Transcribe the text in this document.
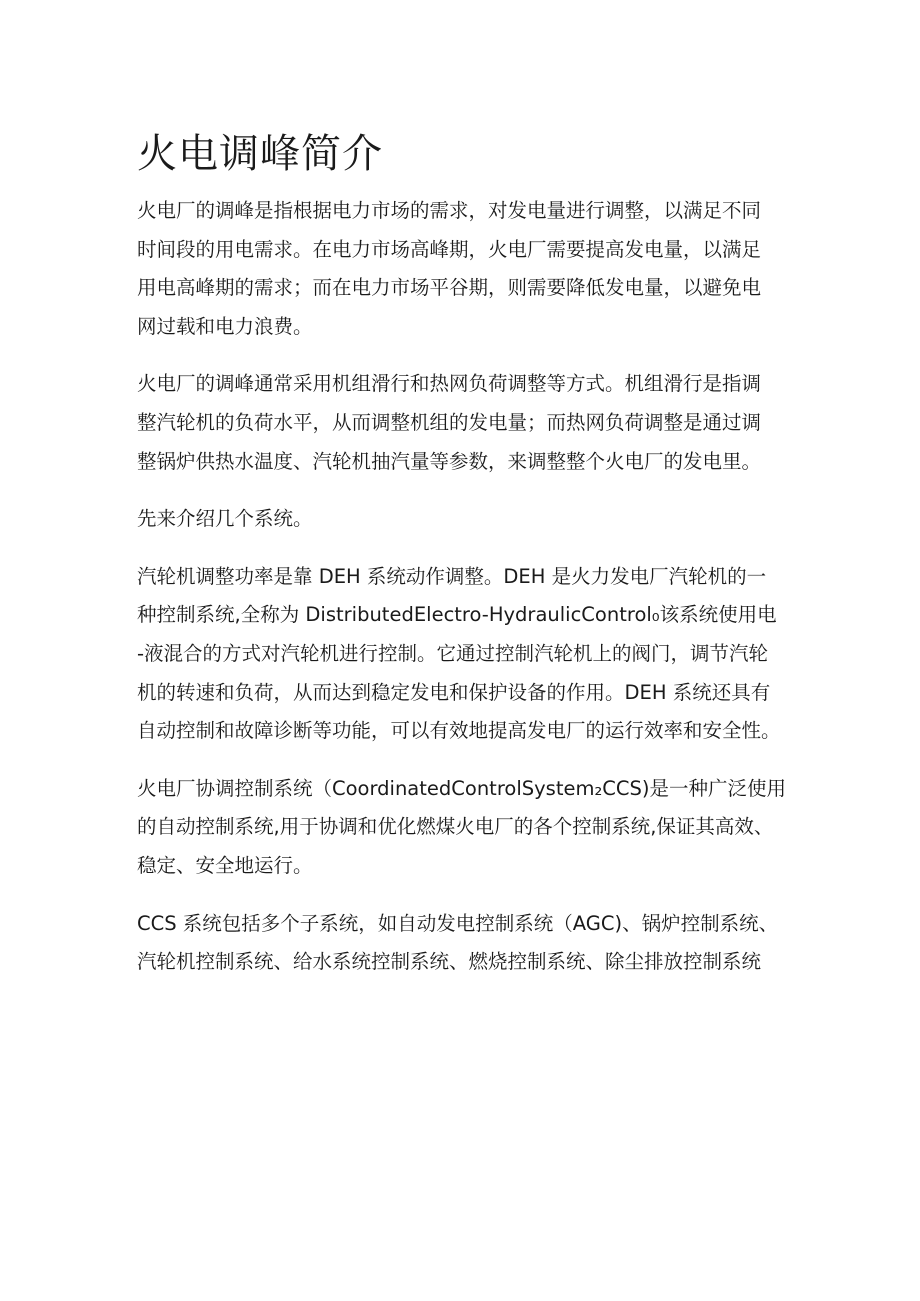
火电调峰简介
火电厂的调峰是指根据电力市场的需求，对发电量进行调整，以满足不同
时间段的用电需求。在电力市场高峰期，火电厂需要提高发电量，以满足
用电高峰期的需求；而在电力市场平谷期，则需要降低发电量，以避免电
网过载和电力浪费。
火电厂的调峰通常采用机组滑行和热网负荷调整等方式。机组滑行是指调
整汽轮机的负荷水平，从而调整机组的发电量；而热网负荷调整是通过调
整锅炉供热水温度、汽轮机抽汽量等参数，来调整整个火电厂的发电里。
先来介绍几个系统。
汽轮机调整功率是靠 DEH 系统动作调整。DEH 是火力发电厂汽轮机的一
种控制系统,全称为 DistributedElectro-HydraulicControl₀该系统使用电
-液混合的方式对汽轮机进行控制。它通过控制汽轮机上的阀门，调节汽轮
机的转速和负荷，从而达到稳定发电和保护设备的作用。DEH 系统还具有
自动控制和故障诊断等功能，可以有效地提高发电厂的运行效率和安全性。
火电厂协调控制系统（CoordinatedControlSystem₂CCS)是一种广泛使用
的自动控制系统,用于协调和优化燃煤火电厂的各个控制系统,保证其高效、
稳定、安全地运行。
CCS 系统包括多个子系统，如自动发电控制系统（AGC)、锅炉控制系统、
汽轮机控制系统、给水系统控制系统、燃烧控制系统、除尘排放控制系统
